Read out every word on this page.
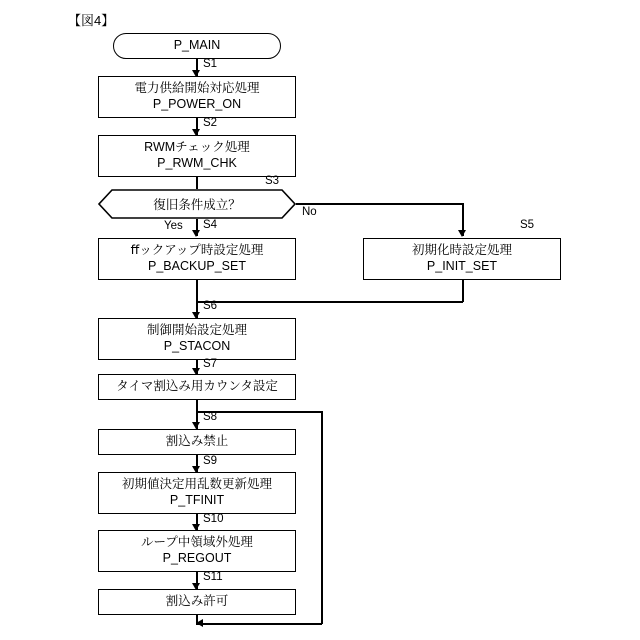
【図4】
P_MAIN
S1
電力供給開始対応処理
P_POWER_ON
S2
RWMチェック処理
P_RWM_CHK
S3
復旧条件成立？
Yes
No
S4
ﬀックアップ時設定処理
P_BACKUP_SET
S5
初期化時設定処理
P_INIT_SET
S6
制御開始設定処理
P_STACON
S7
タイマ割込み用カウンタ設定
S8
割込み禁止
S9
初期値決定用乱数更新処理
P_TFINIT
S10
ループ中領域外処理
P_REGOUT
S11
割込み許可
